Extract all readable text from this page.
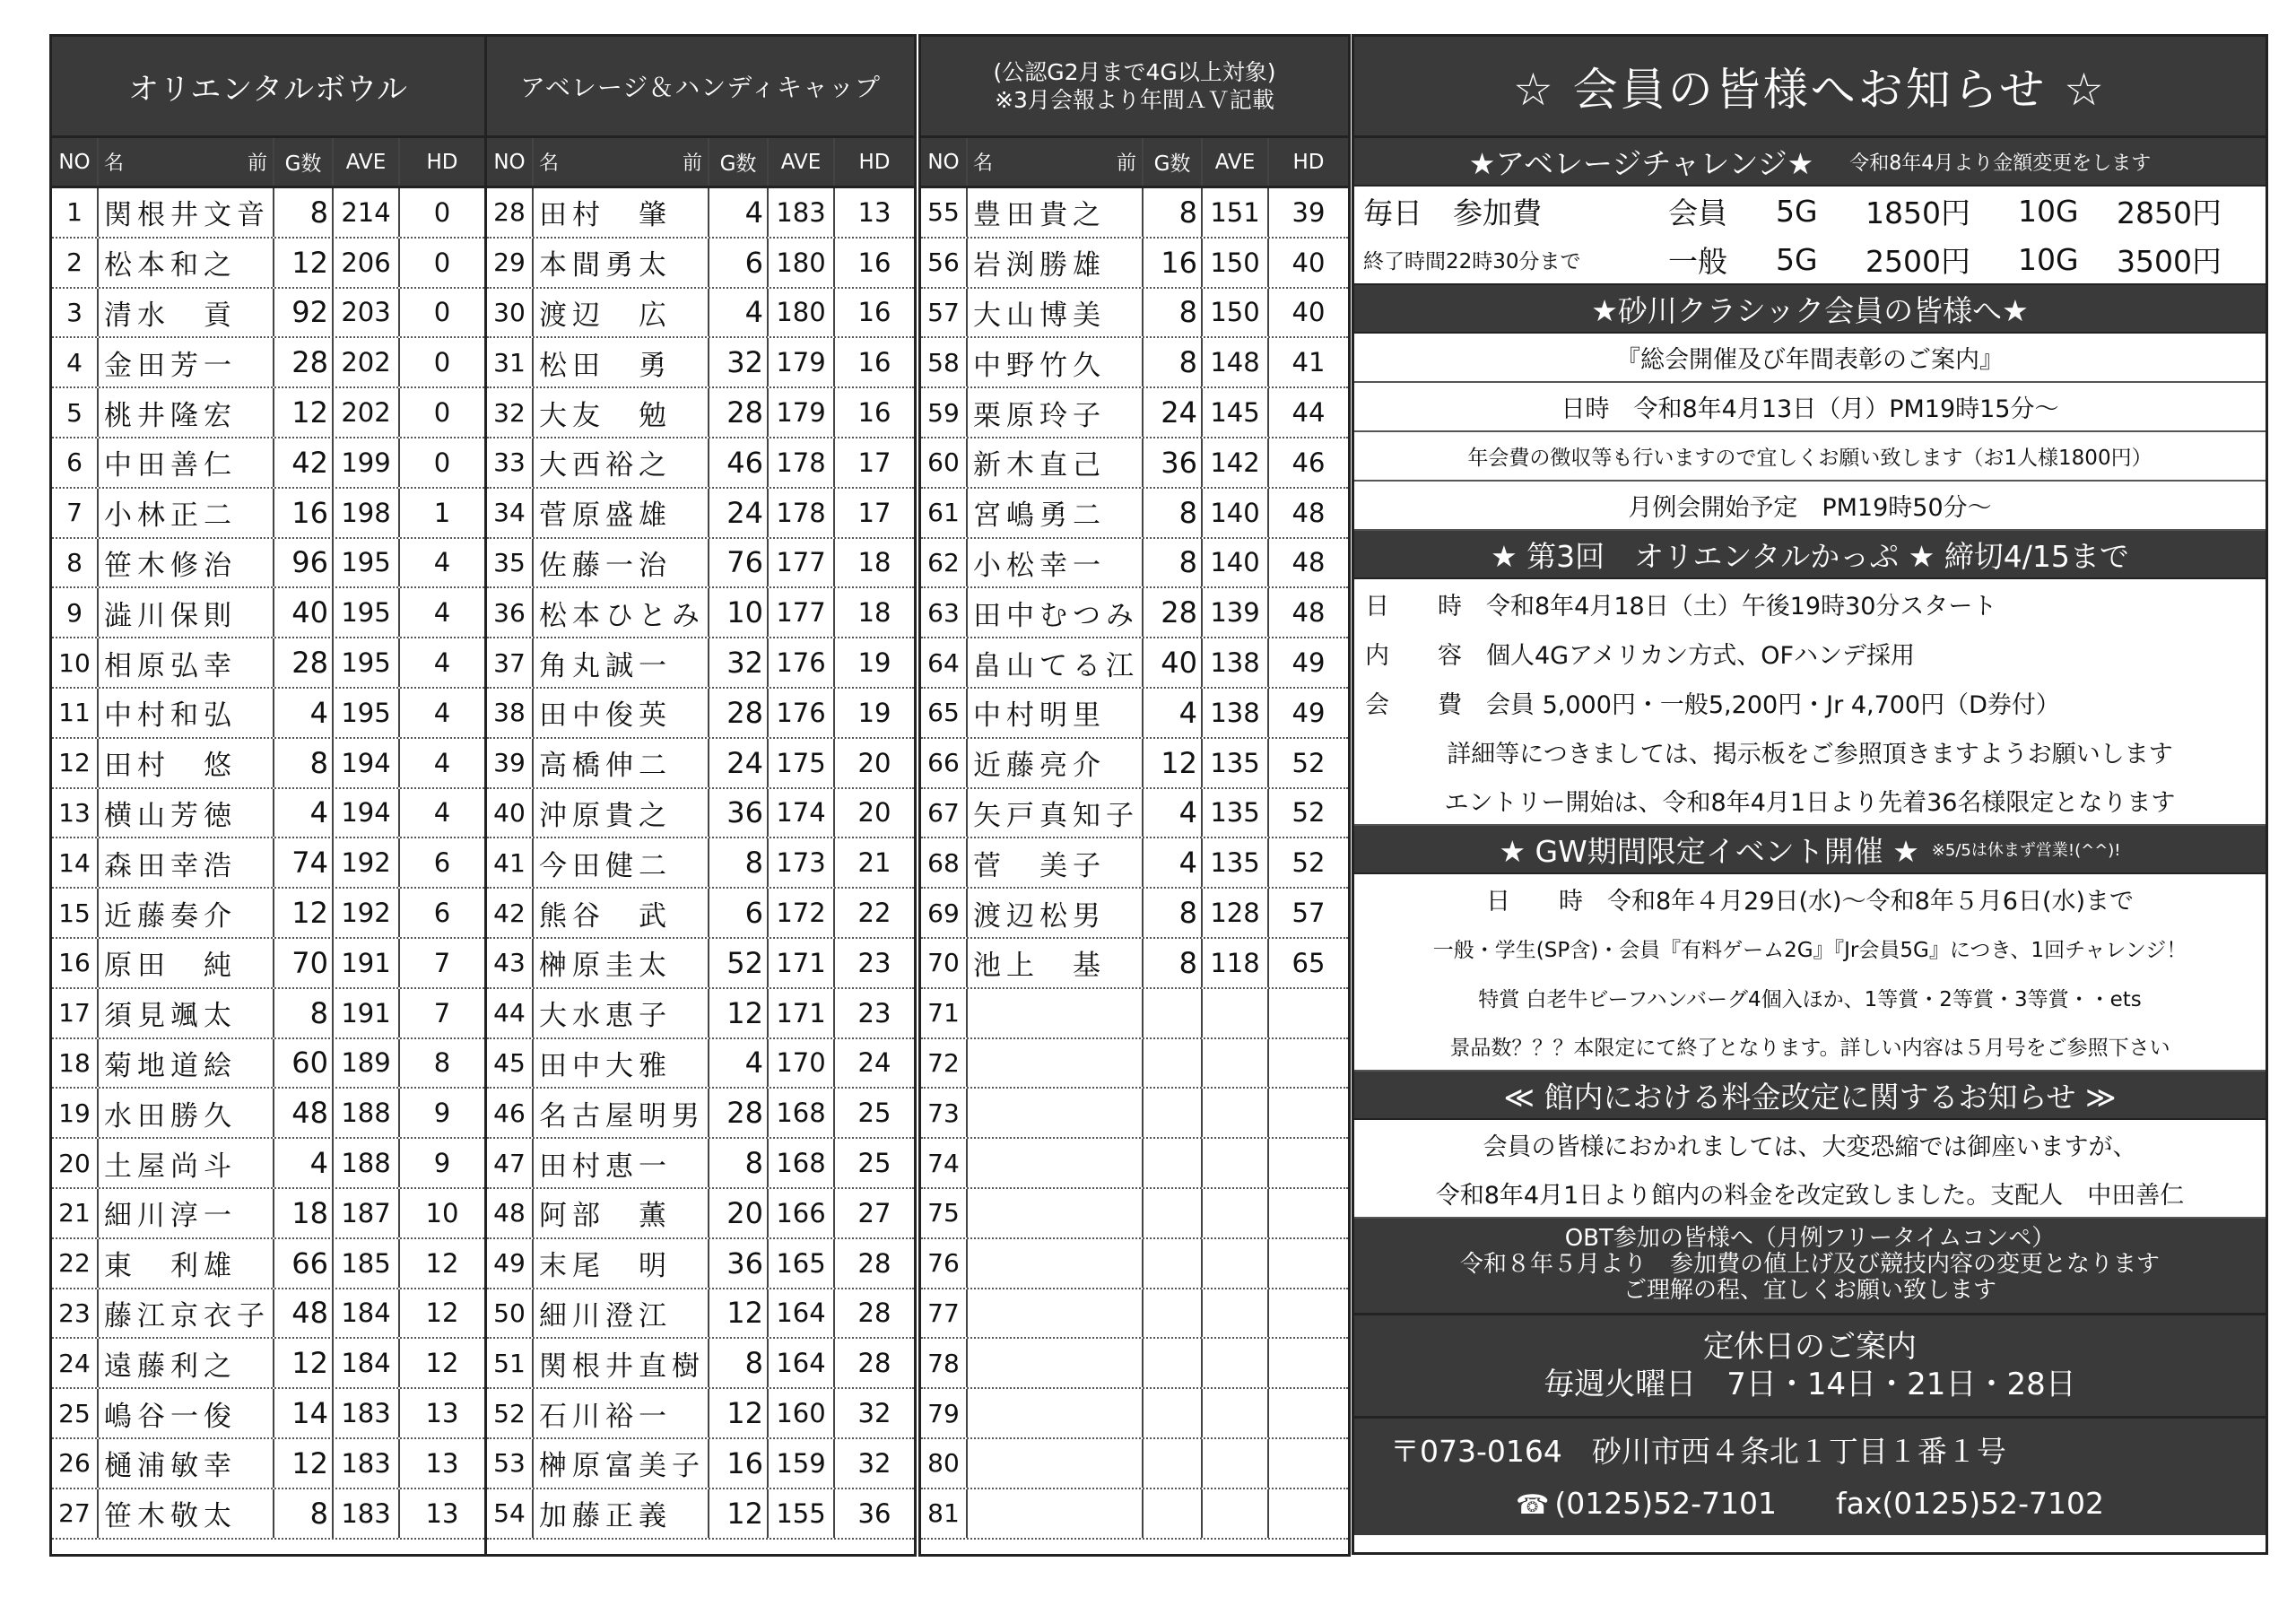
オリエンタルボウル
NO 名	前 G数	AVE	HD
1 関根井文音	8 214	0
2 松本和之	12 206	0
3 清水　貢	92 203	0
4 金田芳一	28 202	0
5 桃井隆宏	12 202	0
6 中田善仁	42 199	0
7 小林正二	16 198	1
8 笹木修治	96 195	4
9 澁川保則	40 195	4
10 相原弘幸	28 195	4
11 中村和弘	4 195	4
12 田村　悠	8 194	4
13 横山芳徳	4 194	4
14 森田幸浩	74 192	6
15 近藤奏介	12 192	6
16 原田　純	70 191	7
17 須見颯太	8 191	7
18 菊地道絵	60 189	8
19 水田勝久	48 188	9
20 土屋尚斗	4 188	9
21 細川淳一	18 187	10
22 東　利雄	66 185	12
23 藤江京衣子 48 184	12
24 遠藤利之	12 184	12
25 嶋谷一俊	14 183	13
26 樋浦敏幸	12 183	13
27 笹木敬太	8 183	13
アベレージ＆ハンディキャップ
NO 名	前 G数	AVE	HD
28 田村　肇	4 183	13
29 本間勇太	6 180	16
30 渡辺　広	4 180	16
31 松田　勇	32 179	16
32 大友　勉	28 179	16
33 大西裕之	46 178	17
34 菅原盛雄	24 178	17
35 佐藤一治	76 177	18
36 松本ひとみ 10 177	18
37 角丸誠一	32 176	19
38 田中俊英	28 176	19
39 高橋伸二	24 175	20
40 沖原貴之	36 174	20
41 今田健二	8 173	21
42 熊谷　武	6 172	22
43 榊原圭太	52 171	23
44 大水恵子	12 171	23
45 田中大雅	4 170	24
46 名古屋明男 28 168	25
47 田村恵一	8 168	25
48 阿部　薫	20 166	27
49 末尾　明	36 165	28
50 細川澄江	12 164	28
51 関根井直樹	8 164	28
52 石川裕一	12 160	32
53 榊原富美子 16 159	32
54 加藤正義	12 155	36
(公認G2月まで4G以上対象)
※3月会報より年間ＡＶ記載
NO 名	前 G数	AVE	HD
55 豊田貴之	8 151	39
56 岩渕勝雄	16 150	40
57 大山博美	8 150	40
58 中野竹久	8 148	41
59 栗原玲子	24 145	44
60 新木直己	36 142	46
61 宮嶋勇二	8 140	48
62 小松幸一	8 140	48
63 田中むつみ 28 139	48
64 畠山てる江 40 138	49
65 中村明里	4 138	49
66 近藤亮介	12 135	52
67 矢戸真知子	4 135	52
68 菅　美子	4 135	52
69 渡辺松男	8 128	57
70 池上　基	8 118	65
71
72
73
74
75
76
77
78
79
80
81
☆ 会員の皆様へお知らせ ☆
★アベレージチャレンジ★ 令和8年4月より金額変更をします
毎日	参加費	会員	5G	1850円	10G	2850円
終了時間22時30分まで	一般	5G	2500円	10G	3500円
★砂川クラシック会員の皆様へ★
『総会開催及び年間表彰のご案内』
日時　令和8年4月13日（月）PM19時15分～
年会費の徴収等も行いますので宜しくお願い致します（お1人様1800円）
月例会開始予定　PM19時50分～
★ 第3回　オリエンタルかっぷ ★ 締切4/15まで
日　　時　令和8年4月18日（土）午後19時30分スタート
内　　容　個人4Gアメリカン方式、OFハンデ採用
会　　費　会員 5,000円・一般5,200円・Jr 4,700円（D券付）
詳細等につきましては、掲示板をご参照頂きますようお願いします
エントリー開始は、令和8年4月1日より先着36名様限定となります
★ GW期間限定イベント開催 ★ ※5/5は休まず営業!(^^)!
日　　時　令和8年４月29日(水)～令和8年５月6日(水)まで
一般・学生(SP含)・会員『有料ゲーム2G』『Jr会員5G』につき、1回チャレンジ！
特賞 白老牛ビーフハンバーグ4個入ほか、1等賞・2等賞・3等賞・・ets
景品数？？？本限定にて終了となります。詳しい内容は５月号をご参照下さい
≪ 館内における料金改定に関するお知らせ ≫
会員の皆様におかれましては、大変恐縮では御座いますが、
令和8年4月1日より館内の料金を改定致しました。支配人　中田善仁
OBT参加の皆様へ（月例フリータイムコンペ）
令和８年５月より　参加費の値上げ及び競技内容の変更となります
ご理解の程、宜しくお願い致します
定休日のご案内
毎週火曜日　7日・14日・21日・28日
〒073-0164　砂川市西４条北１丁目１番１号
☎ (0125)52-7101　　 fax(0125)52-7102
